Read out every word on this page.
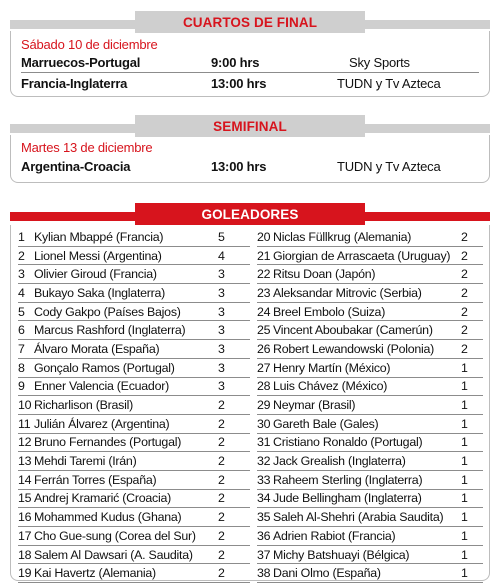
CUARTOS DE FINAL
Sábado 10 de diciembre
Marruecos-Portugal	9:00 hrs	Sky Sports
Francia-Inglaterra	13:00 hrs	TUDN y Tv Azteca
SEMIFINAL
Martes 13 de diciembre
Argentina-Croacia	13:00 hrs	TUDN y Tv Azteca
GOLEADORES
1 Kylian Mbappé (Francia)	5
2 Lionel Messi (Argentina)	4
3 Olivier Giroud (Francia)	3
4 Bukayo Saka (Inglaterra)	3
5 Cody Gakpo (Países Bajos)	3
6 Marcus Rashford (Inglaterra)	3
7 Álvaro Morata (España)	3
8 Gonçalo Ramos (Portugal)	3
9 Enner Valencia (Ecuador)	3
10 Richarlison (Brasil)	2
11 Julián Álvarez (Argentina)	2
12 Bruno Fernandes (Portugal)	2
13 Mehdi Taremi (Irán)	2
14 Ferrán Torres (España)	2
15 Andrej Kramarić (Croacia)	2
16 Mohammed Kudus (Ghana)	2
17 Cho Gue-sung (Corea del Sur)	2
18 Salem Al Dawsari (A. Saudita)	2
19 Kai Havertz (Alemania)	2
20 Niclas Füllkrug (Alemania)	2
21 Giorgian de Arrascaeta (Uruguay) 2
22 Ritsu Doan (Japón)	2
23 Aleksandar Mitrovic (Serbia)	2
24 Breel Embolo (Suiza)	2
25 Vincent Aboubakar (Camerún)	2
26 Robert Lewandowski (Polonia)	2
27 Henry Martín (México)	1
28 Luis Chávez (México)	1
29 Neymar (Brasil)	1
30 Gareth Bale (Gales)	1
31 Cristiano Ronaldo (Portugal)	1
32 Jack Grealish (Inglaterra)	1
33 Raheem Sterling (Inglaterra)	1
34 Jude Bellingham (Inglaterra)	1
35 Saleh Al-Shehri (Arabia Saudita)	1
36 Adrien Rabiot (Francia)	1
37 Michy Batshuayi (Bélgica)	1
38 Dani Olmo (España)	1
